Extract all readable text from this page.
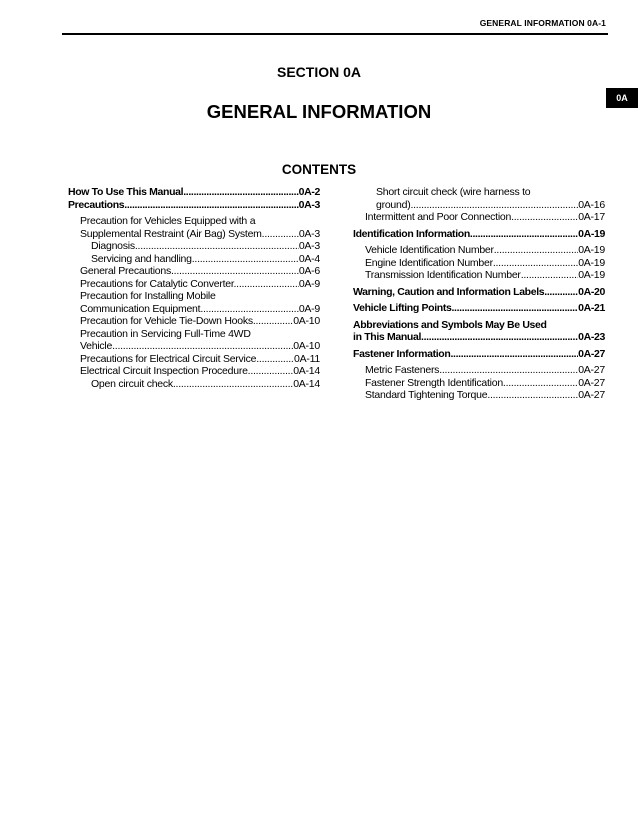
GENERAL INFORMATION 0A-1
0A
SECTION 0A
GENERAL INFORMATION
CONTENTS
How To Use This Manual .....	0A-2
Precautions .....	0A-3
Precaution for Vehicles Equipped with a
Supplemental Restraint (Air Bag) System .....	0A-3
Diagnosis. .....	0A-3
Servicing and handling. .....	0A-4
General Precautions .....	0A-6
Precautions for Catalytic Converter. .....	0A-9
Precaution for Installing Mobile
Communication Equipment .....	0A-9
Precaution for Vehicle Tie-Down Hooks .....	0A-10
Precaution in Servicing Full-Time 4WD
Vehicle .....	0A-10
Precautions for Electrical Circuit Service .....	0A-11
Electrical Circuit Inspection Procedure .....	0A-14
Open circuit check .....	0A-14
Short circuit check (wire harness to
ground) .....	0A-16
Intermittent and Poor Connection .....	0A-17
Identification Information .....	0A-19
Vehicle Identification Number .....	0A-19
Engine Identification Number .....	0A-19
Transmission Identification Number .....	0A-19
Warning, Caution and Information Labels .....	0A-20
Vehicle Lifting Points .....	0A-21
Abbreviations and Symbols May Be Used
in This Manual .....	0A-23
Fastener Information .....	0A-27
Metric Fasteners .....	0A-27
Fastener Strength Identification .....	0A-27
Standard Tightening Torque .....	0A-27
